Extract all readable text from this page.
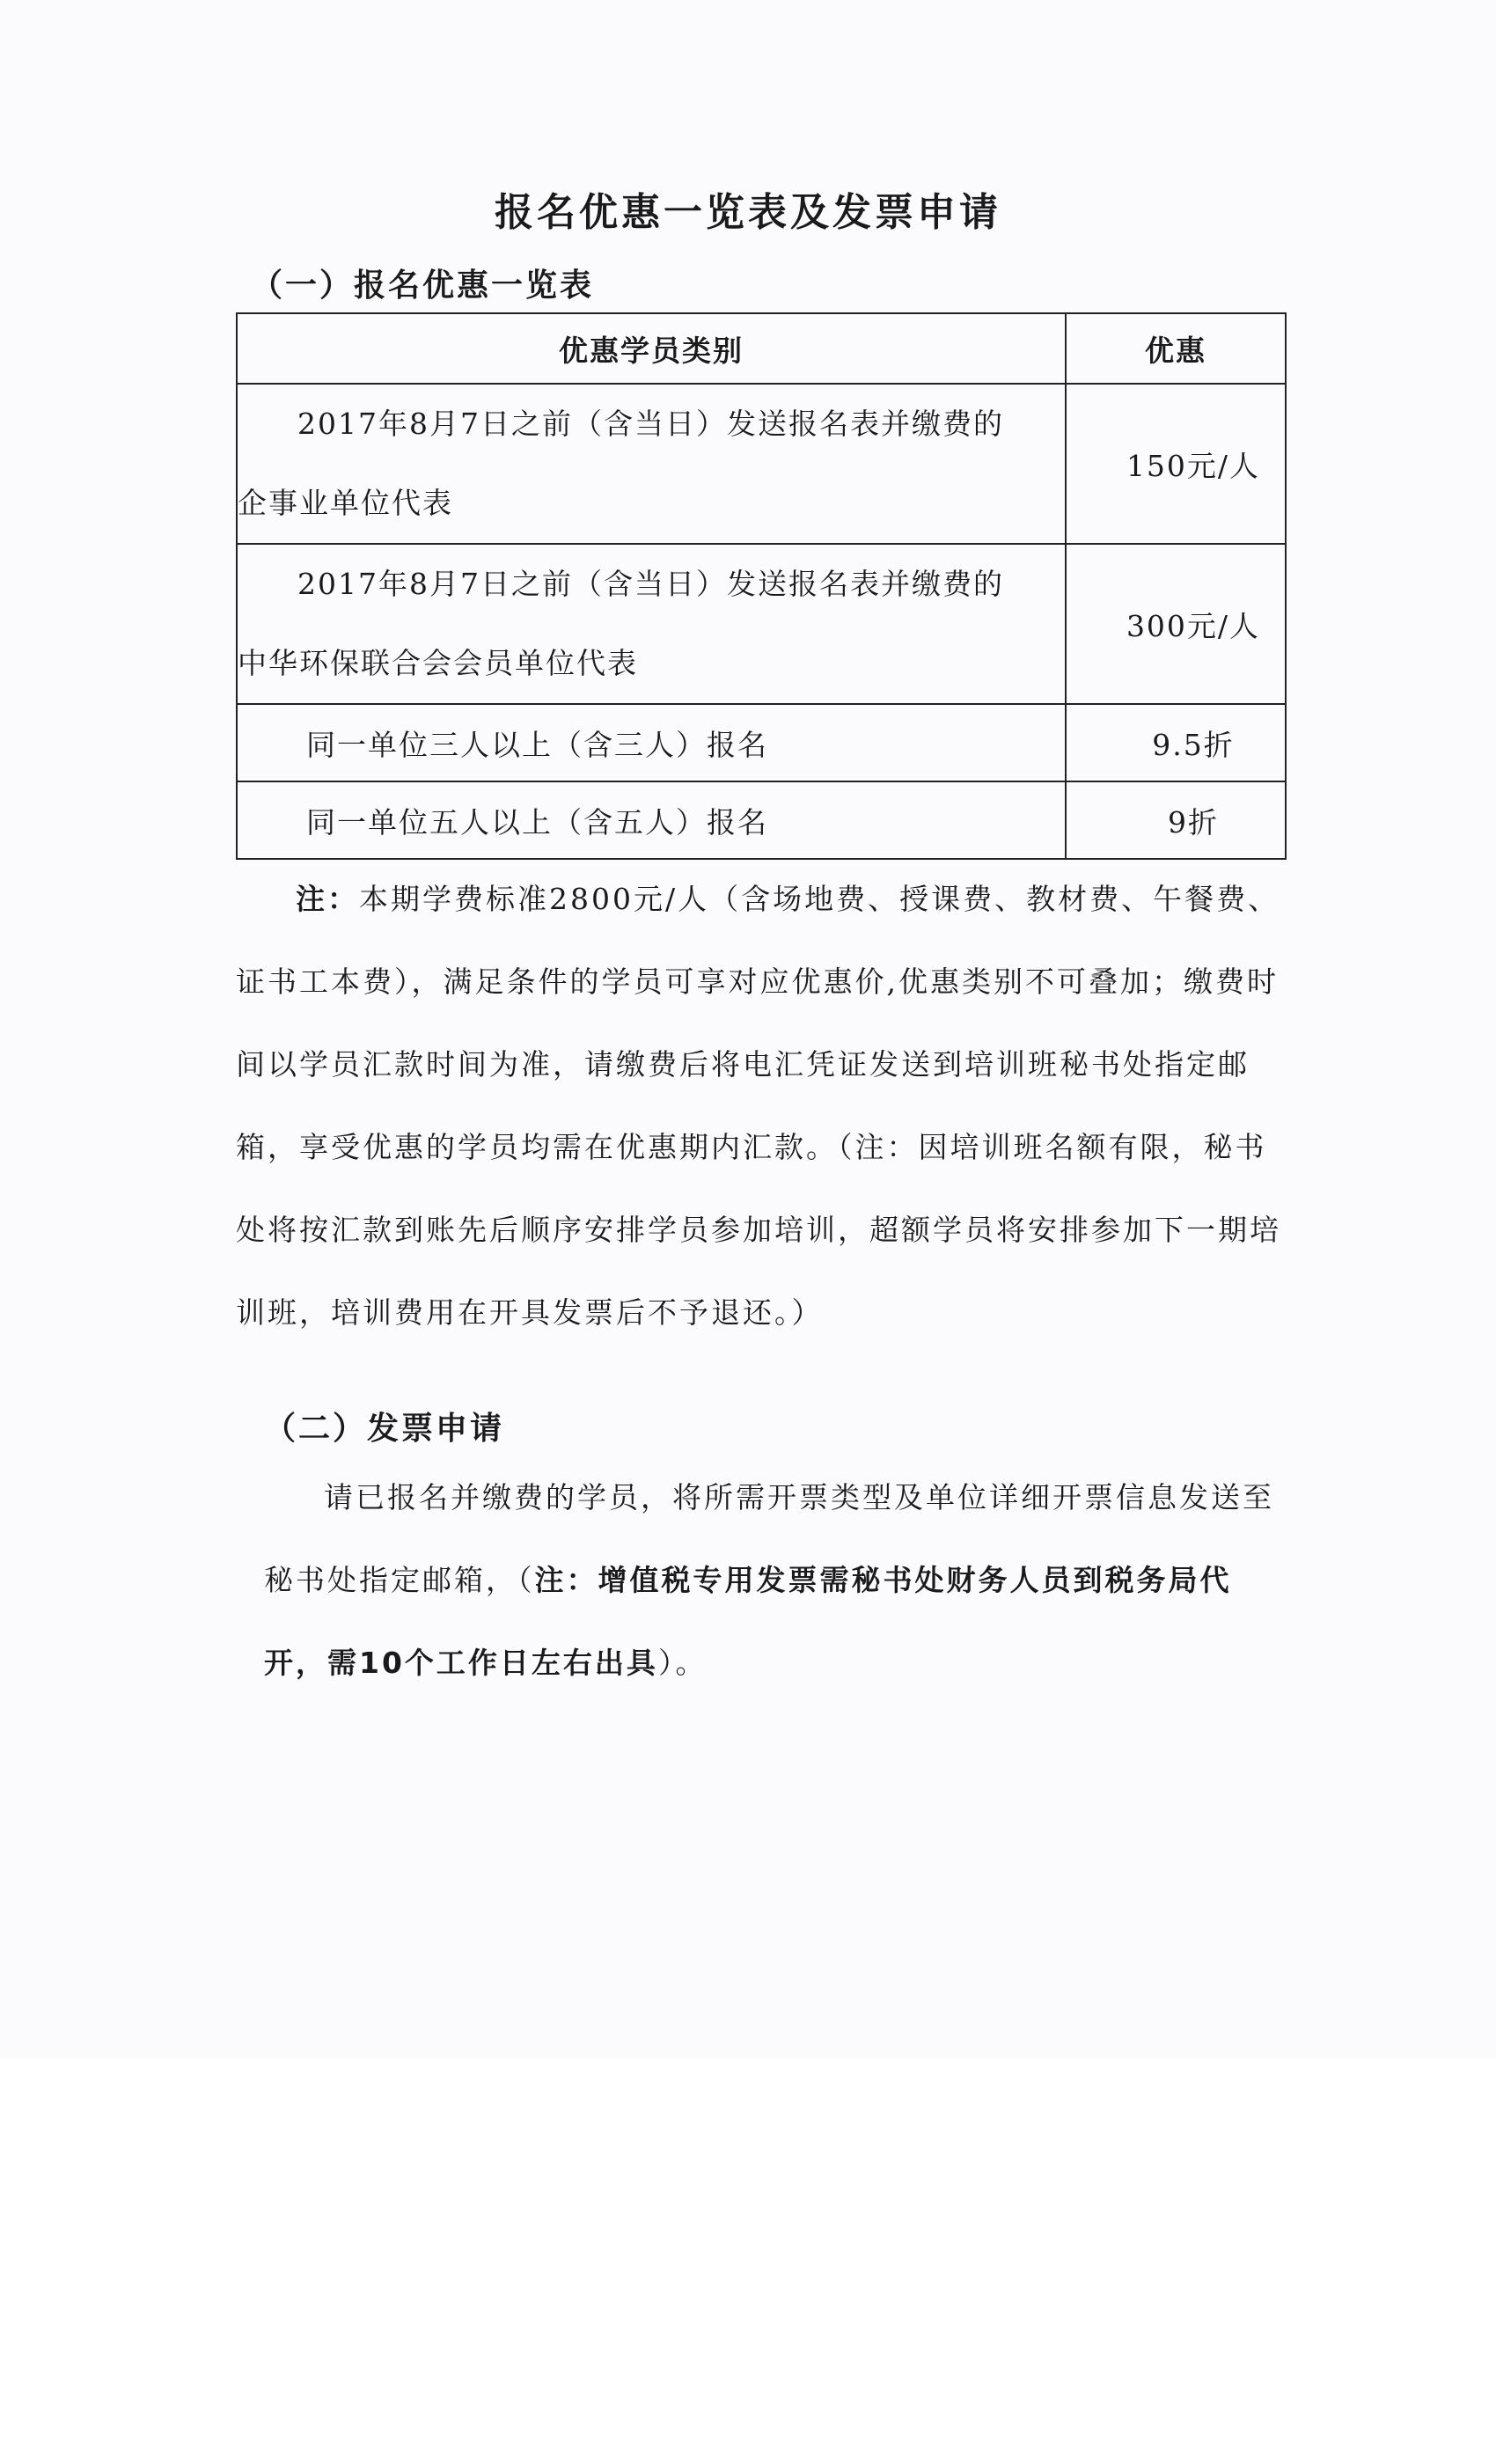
报名优惠一览表及发票申请
（一）报名优惠一览表
优惠学员类别	优惠

2017年8月7日之前（含当日）发送报名表并缴费的
企事业单位代表	150元/人

2017年8月7日之前（含当日）发送报名表并缴费的
中华环保联合会会员单位代表	300元/人
同一单位三人以上（含三人）报名	9.5折
同一单位五人以上（含五人）报名	9折
注：本期学费标准2800元/人（含场地费、授课费、教材费、午餐费、证书工本费），满足条件的学员可享对应优惠价,优惠类别不可叠加；缴费时间以学员汇款时间为准，请缴费后将电汇凭证发送到培训班秘书处指定邮箱，享受优惠的学员均需在优惠期内汇款。（注：因培训班名额有限，秘书处将按汇款到账先后顺序安排学员参加培训，超额学员将安排参加下一期培训班，培训费用在开具发票后不予退还。）
（二）发票申请
请已报名并缴费的学员，将所需开票类型及单位详细开票信息发送至秘书处指定邮箱，（注：增值税专用发票需秘书处财务人员到税务局代开，需10个工作日左右出具）。
